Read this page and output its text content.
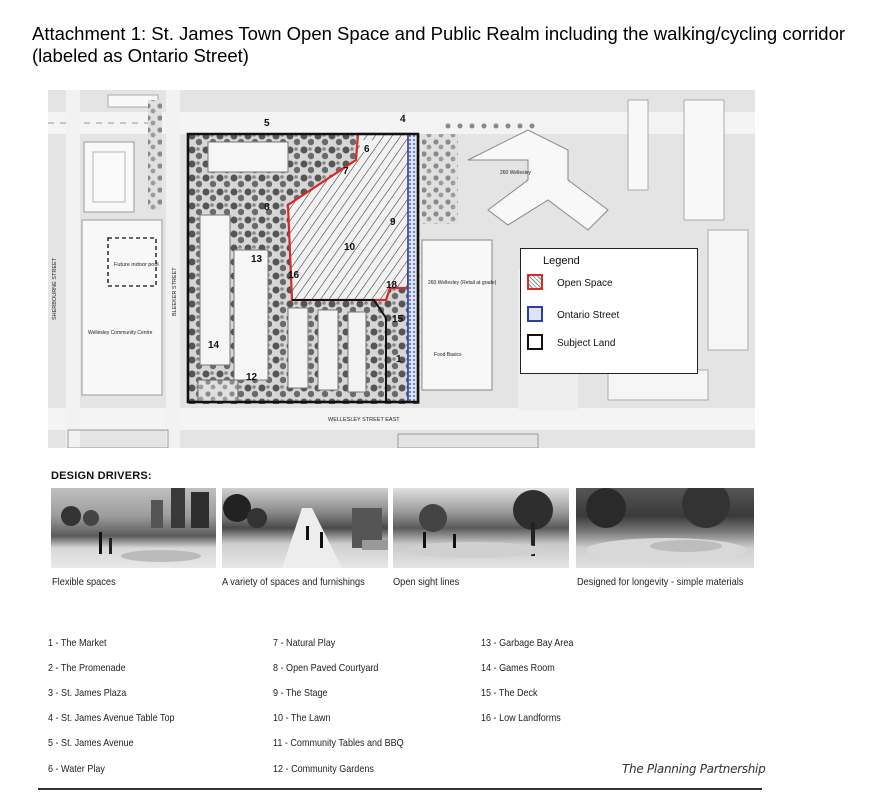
Attachment 1: St. James Town Open Space and Public Realm including the walking/cycling corridor (labeled as Ontario Street)
4
5
6
7
8
9
10
13
16
18
15
14
12
1
SHERBOURNE STREET	BLEEKER STREET
WELLESLEY STREET EAST
Future indoor pool
Wellesley Community Centre
260 Wellesley
260 Wellesley (Retail at grade)
Food Basics
Legend
Open Space
Ontario Street
Subject Land
DESIGN DRIVERS:
Flexible spaces	A variety of spaces and furnishings	Open sight lines	Designed for longevity - simple materials
1 - The Market
2 - The Promenade
3 - St. James Plaza
4 - St. James Avenue Table Top
5 - St. James Avenue
6 - Water Play
7 - Natural Play
8 - Open Paved Courtyard
9 - The Stage
10 - The Lawn
11 - Community Tables and BBQ
12 - Community Gardens
13 - Garbage Bay Area
14 - Games Room
15 - The Deck
16 - Low Landforms
The Planning Partnership
